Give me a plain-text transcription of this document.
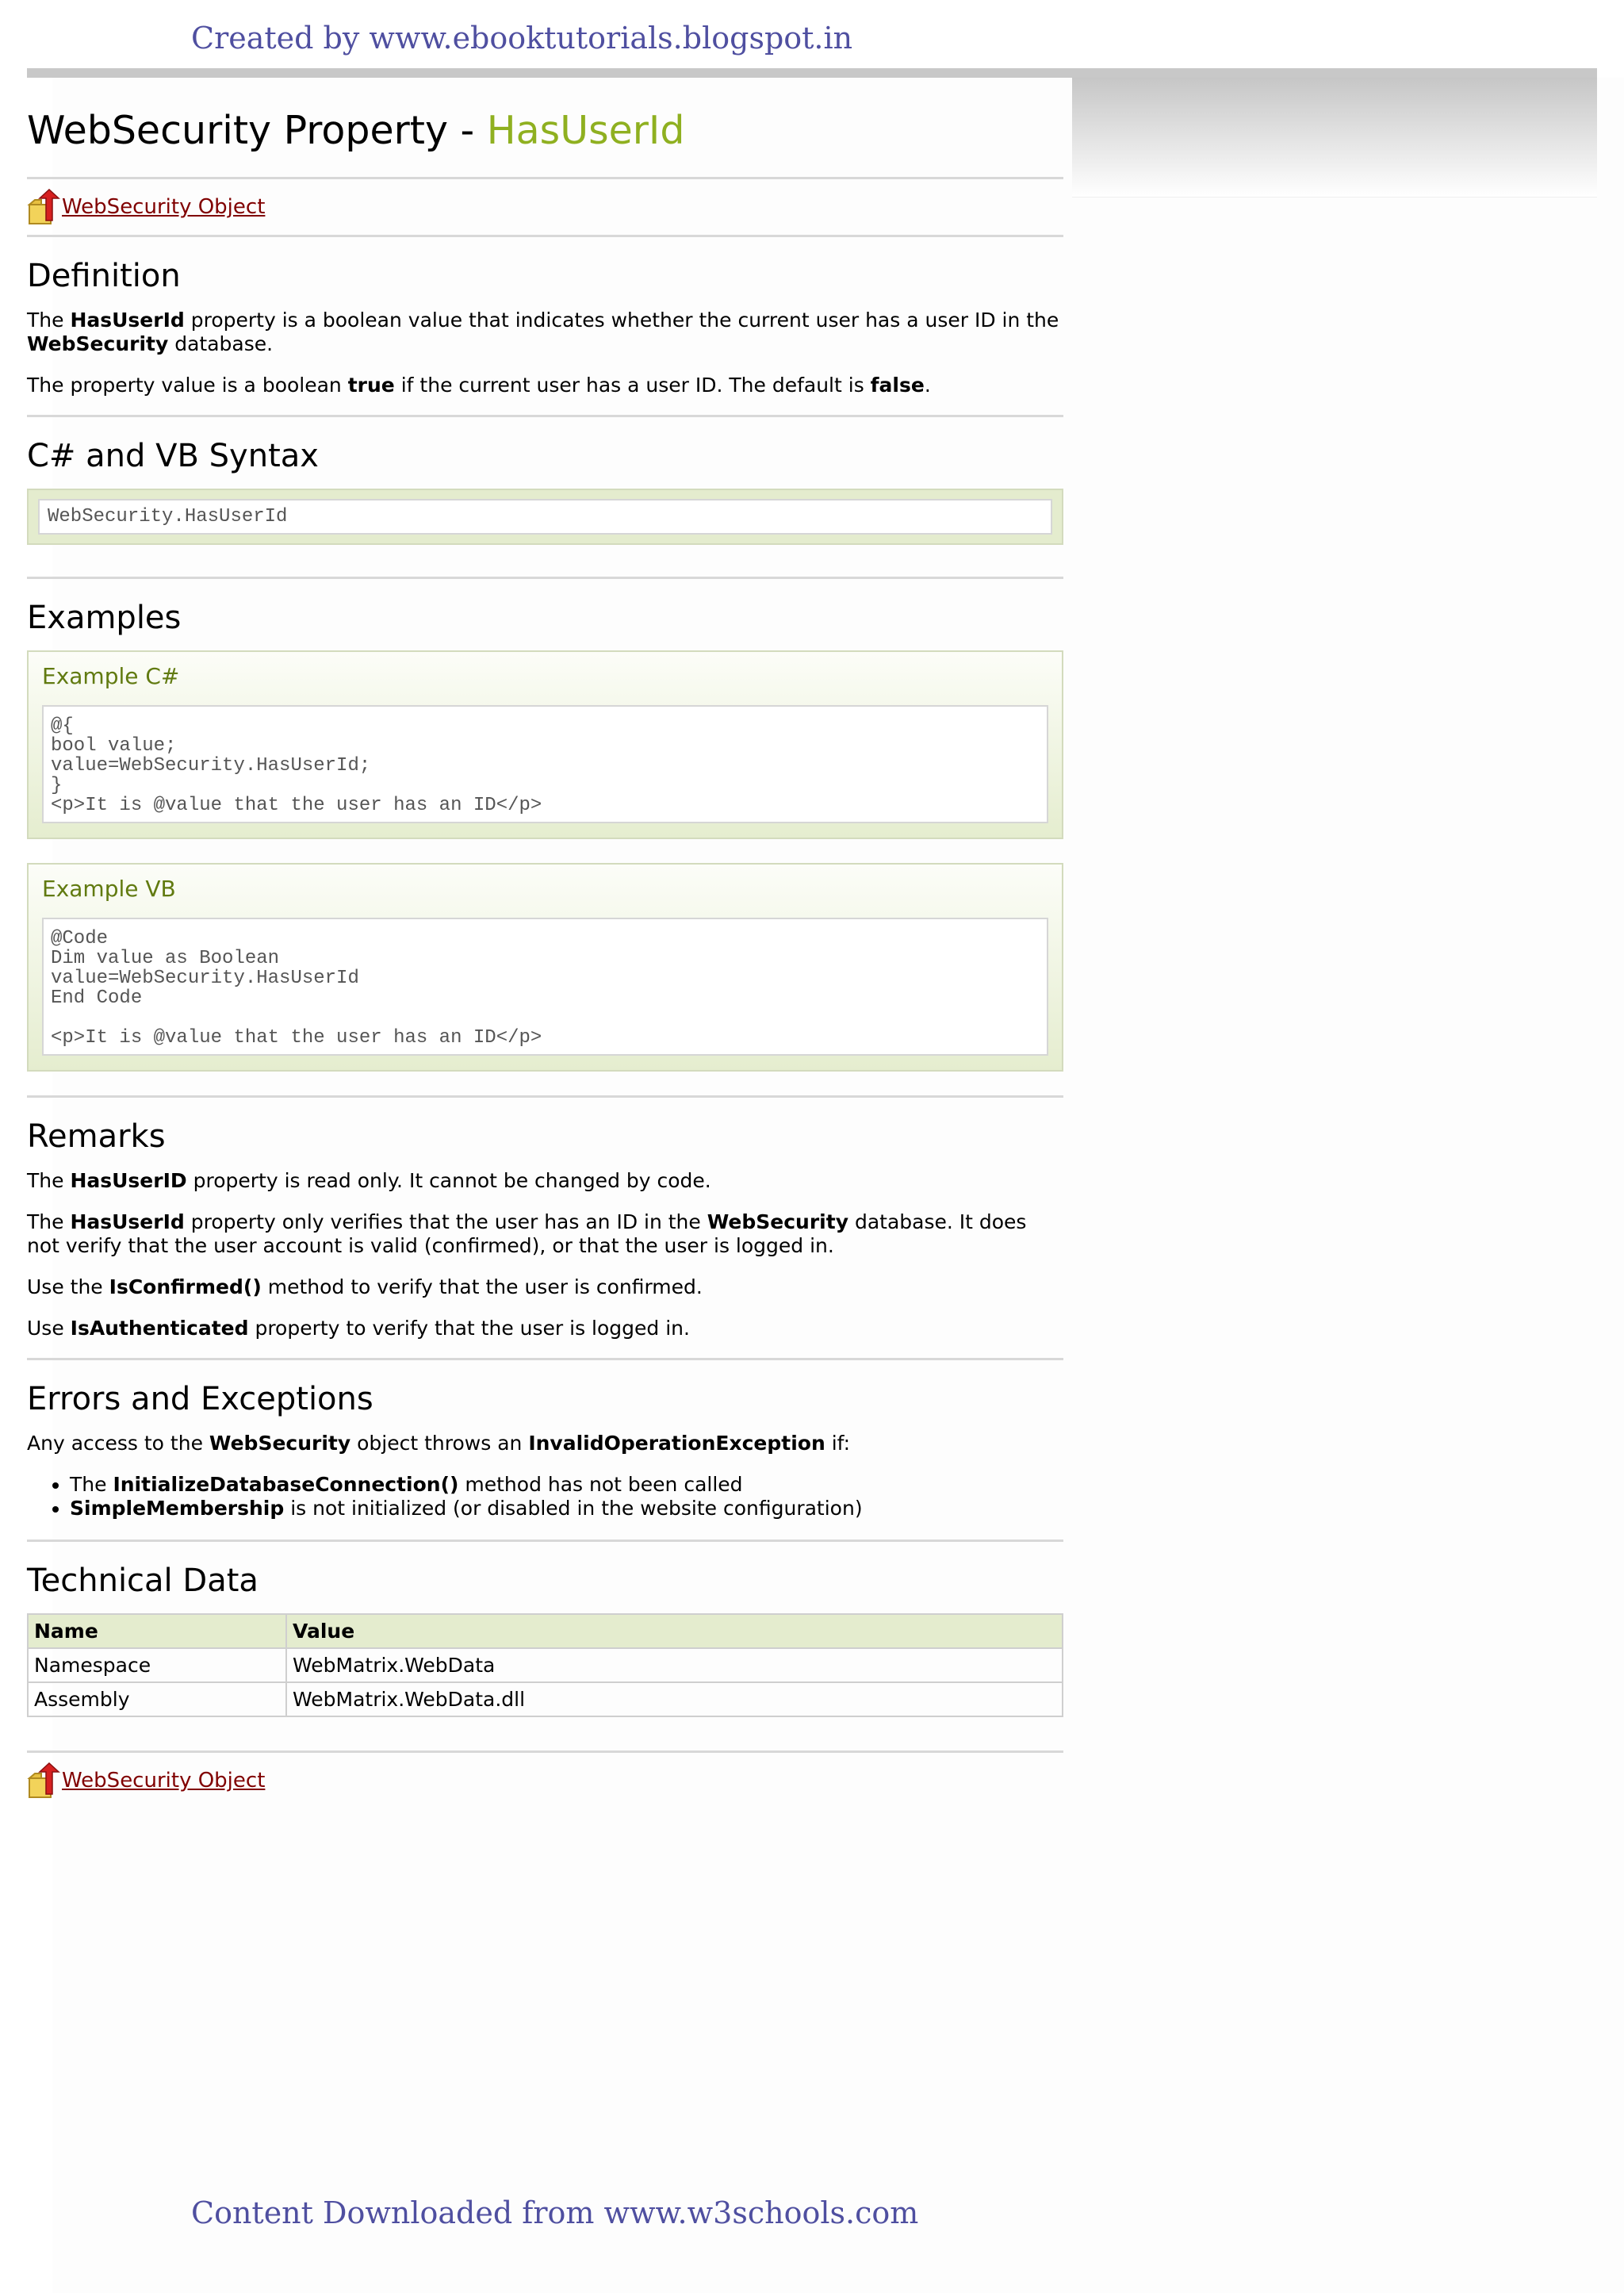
Created by www.ebooktutorials.blogspot.in
WebSecurity Property - HasUserId
WebSecurity Object
Definition

The HasUserId property is a boolean value that indicates whether the current user has a user ID in the WebSecurity database.

The property value is a boolean true if the current user has a user ID. The default is false.

C# and VB Syntax
WebSecurity.HasUserId
Examples
Example C#
@{
bool value;
value=WebSecurity.HasUserId;
}
<p>It is @value that the user has an ID</p>
Example VB
@Code
Dim value as Boolean
value=WebSecurity.HasUserId
End Code

<p>It is @value that the user has an ID</p>
Remarks

The HasUserID property is read only. It cannot be changed by code.

The HasUserId property only verifies that the user has an ID in the WebSecurity database. It does not verify that the user account is valid (confirmed), or that the user is logged in.

Use the IsConfirmed() method to verify that the user is confirmed.

Use IsAuthenticated property to verify that the user is logged in.

Errors and Exceptions

Any access to the WebSecurity object throws an InvalidOperationException if:

• The InitializeDatabaseConnection() method has not been called
• SimpleMembership is not initialized (or disabled in the website configuration)
Technical Data
Name	Value
Namespace	WebMatrix.WebData
Assembly	WebMatrix.WebData.dll
WebSecurity Object
Content Downloaded from www.w3schools.com
